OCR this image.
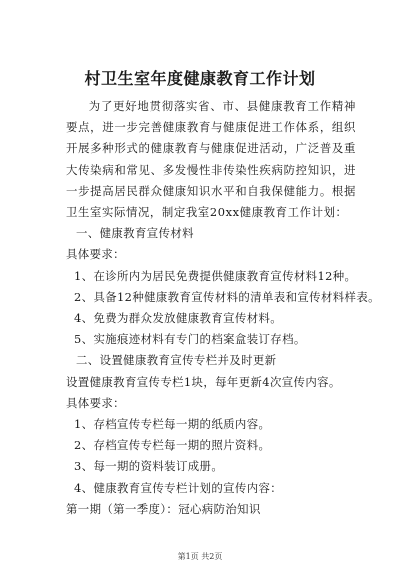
村卫生室年度健康教育工作计划

为了更好地贯彻落实省、市、县健康教育工作精神要点，进一步完善健康教育与健康促进工作体系，组织开展多种形式的健康教育与健康促进活动，广泛普及重大传染病和常见、多发慢性非传染性疾病防控知识，进一步提高居民群众健康知识水平和自我保健能力。根据卫生室实际情况，制定我室20xx健康教育工作计划：

一、健康教育宣传材料

具体要求：

1、在诊所内为居民免费提供健康教育宣传材料12种。

2、具备12种健康教育宣传材料的清单表和宣传材料样表。

4、免费为群众发放健康教育宣传材料。

5、实施痕迹材料有专门的档案盒装订存档。

二、设置健康教育宣传专栏并及时更新

设置健康教育宣传专栏1块，每年更新4次宣传内容。

具体要求：

1、存档宣传专栏每一期的纸质内容。

2、存档宣传专栏每一期的照片资料。

3、每一期的资料装订成册。

4、健康教育宣传专栏计划的宣传内容：

第一期（第一季度）：冠心病防治知识

第1页 共2页
